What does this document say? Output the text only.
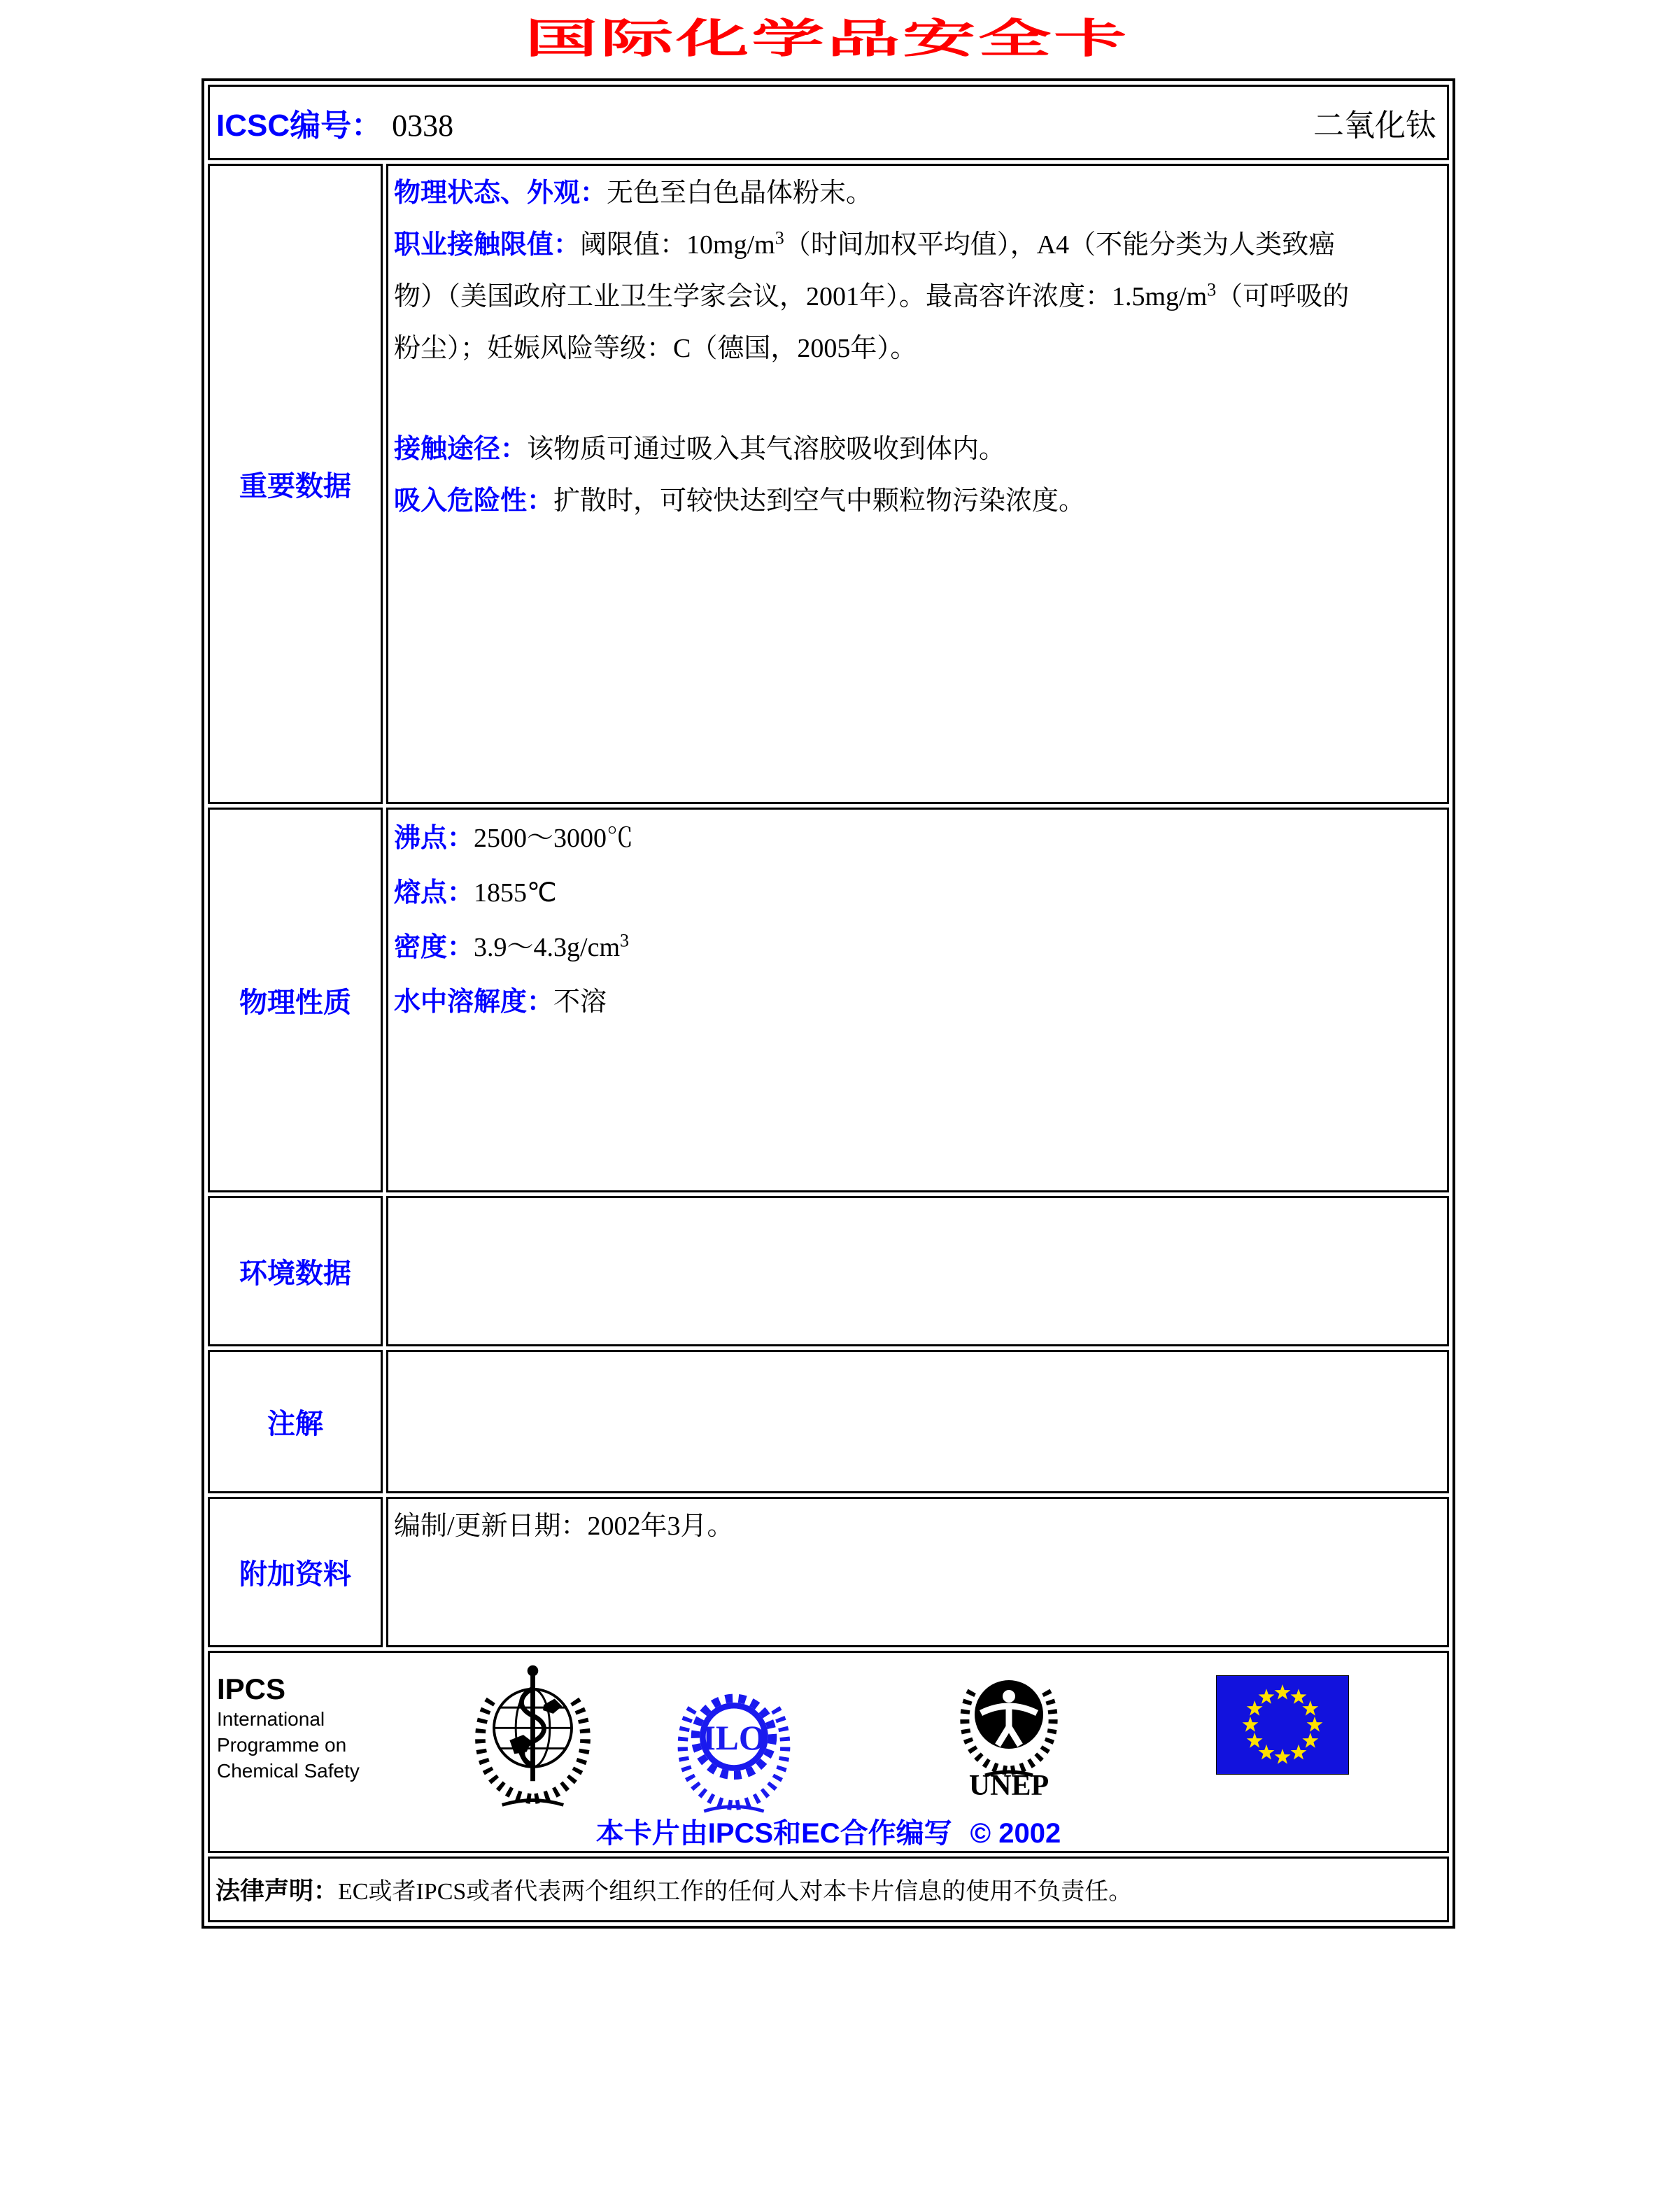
国际化学品安全卡
ICSC编号： 0338 二氧化钛	

重要数据	物理状态、外观：无色至白色晶体粉末。

职业接触限值：阈限值：$10mg/m^3$（时间加权平均值），A4（不能分类为人类致癌物）（美国政府工业卫生学家会议，2001年）。最高容许浓度：$1.5mg/m^3$（可呼吸的粉尘）；妊娠风险等级：C（德国，2005年）。

接触途径：该物质可通过吸入其气溶胶吸收到体内。

吸入危险性：扩散时，可较快达到空气中颗粒物污染浓度。

物理性质	沸点：2500～3000℃

熔点：1855℃

密度：$3.9\sim 4.3g/cm^3$

水中溶解度：不溶

环境数据	
注解	
附加资料	编制/更新日期：2002年3月。

IPCS
International
Programme on
Chemical Safety
ILO
UNEP
本卡片由IPCS和EC合作编写 © 2002

法律声明：EC或者IPCS或者代表两个组织工作的任何人对本卡片信息的使用不负责任。	
